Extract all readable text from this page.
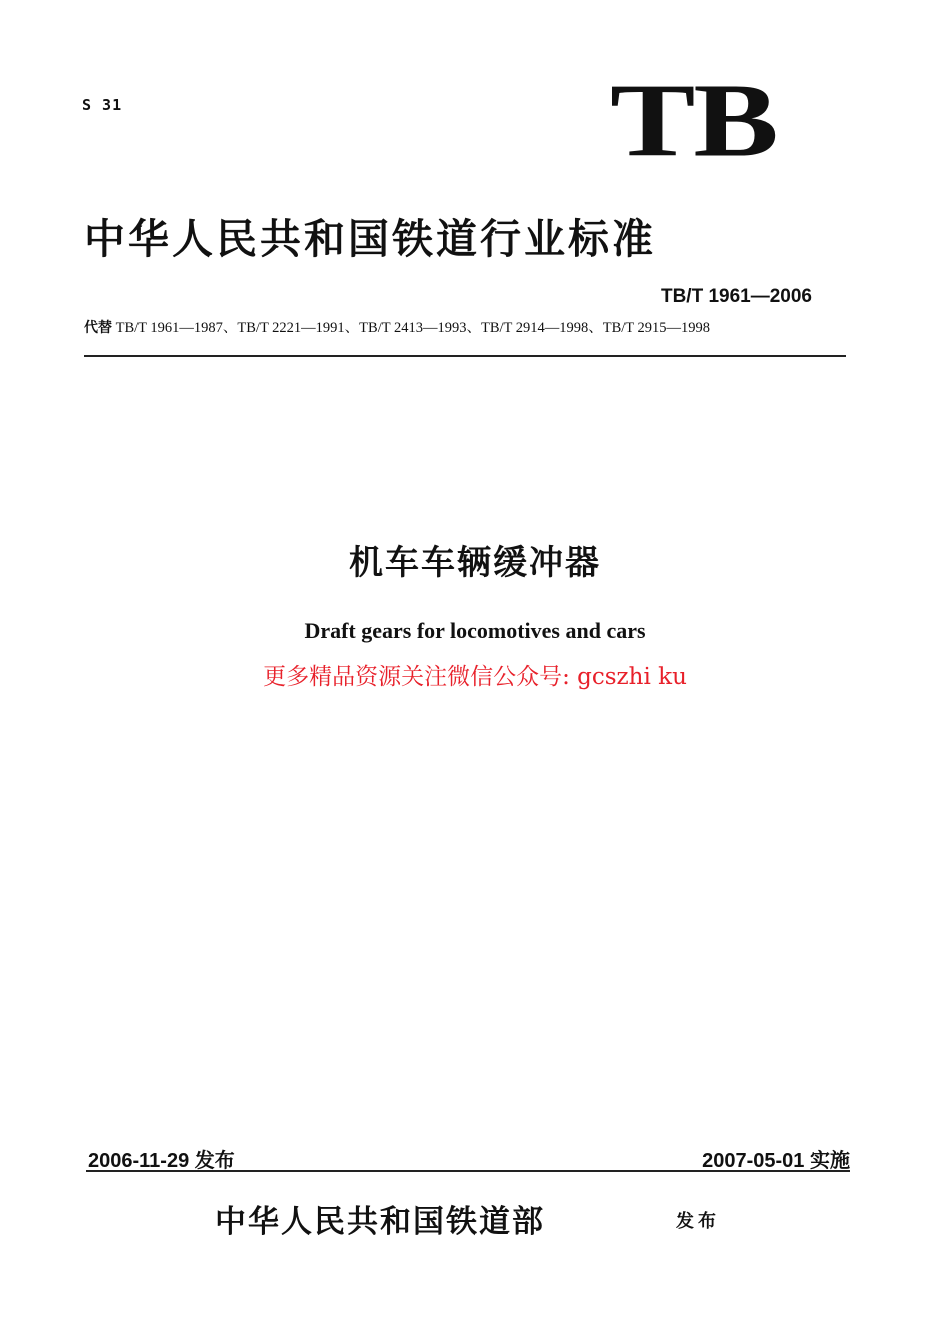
S 31	TB
中华人民共和国铁道行业标准
TB/T 1961—2006
代替 TB/T 1961—1987、TB/T 2221—1991、TB/T 2413—1993、TB/T 2914—1998、TB/T 2915—1998
机车车辆缓冲器
Draft gears for locomotives and cars
更多精品资源关注微信公众号: gcszhi ku
2006-11-29 发布	2007-05-01 实施
中华人民共和国铁道部	发布
